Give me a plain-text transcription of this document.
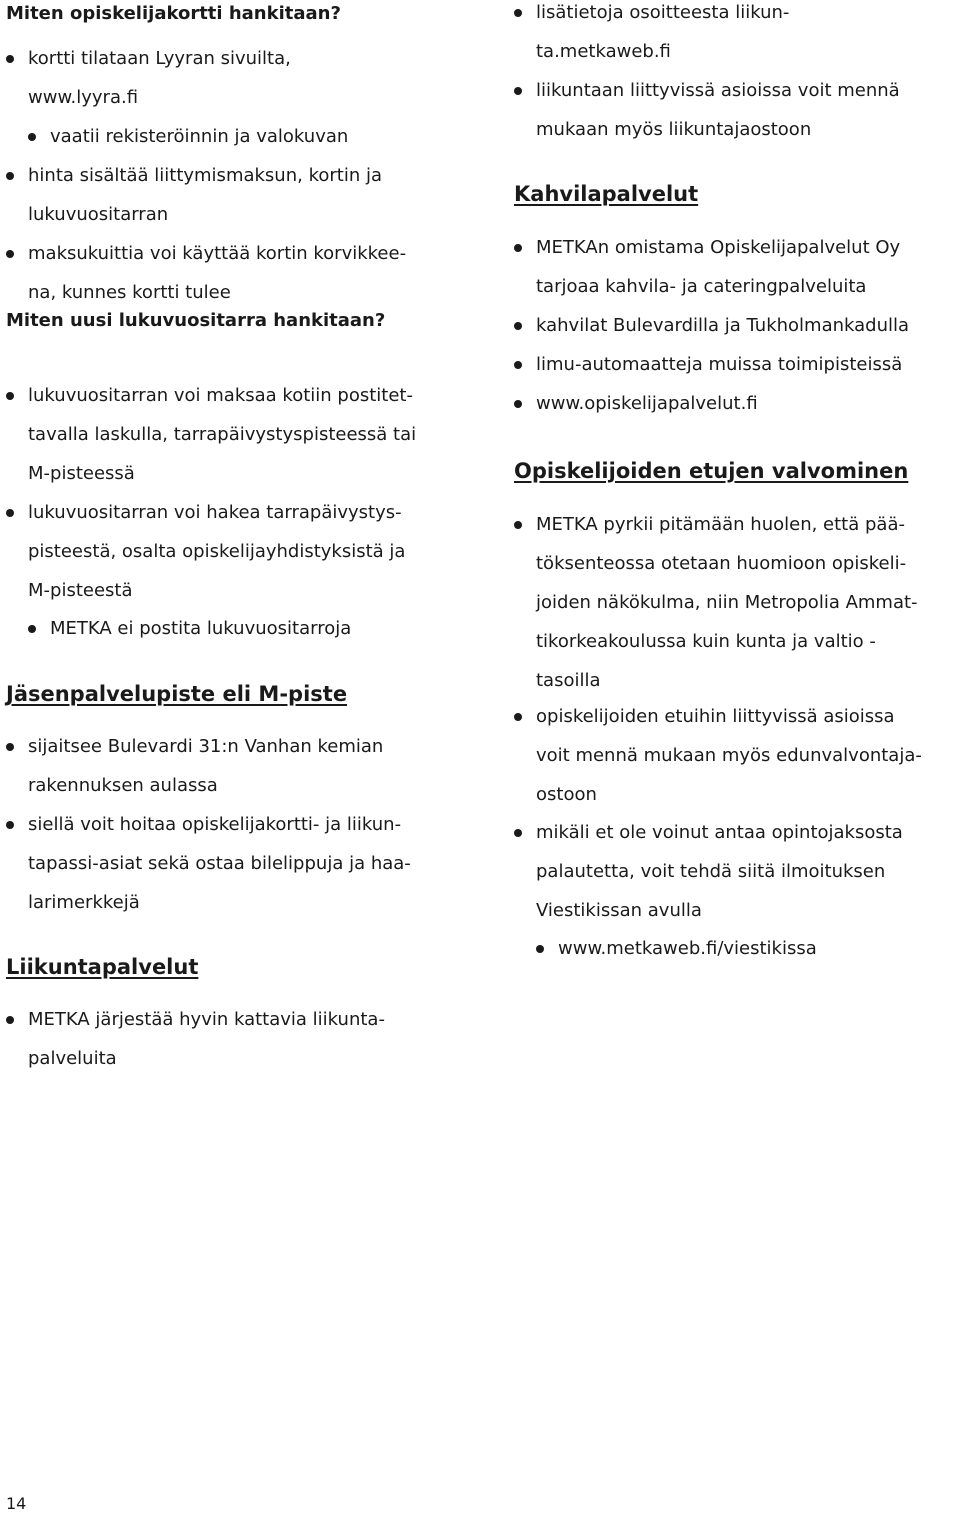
Miten opiskelijakortti hankitaan?
kortti tilataan Lyyran sivuilta,
www.lyyra.fi
vaatii rekisteröinnin ja valokuvan
hinta sisältää liittymismaksun, kortin ja
lukuvuositarran
maksukuittia voi käyttää kortin korvikkee-
na, kunnes kortti tulee
Miten uusi lukuvuositarra hankitaan?
lukuvuositarran voi maksaa kotiin postitet-
tavalla laskulla, tarrapäivystyspisteessä tai
M-pisteessä
lukuvuositarran voi hakea tarrapäivystys-
pisteestä, osalta opiskelijayhdistyksistä ja
M-pisteestä
METKA ei postita lukuvuositarroja
Jäsenpalvelupiste eli M-piste
sijaitsee Bulevardi 31:n Vanhan kemian
rakennuksen aulassa
siellä voit hoitaa opiskelijakortti- ja liikun-
tapassi-asiat sekä ostaa bilelippuja ja haa-
larimerkkejä
Liikuntapalvelut
METKA järjestää hyvin kattavia liikunta-
palveluita
lisätietoja osoitteesta liikun-
ta.metkaweb.fi
liikuntaan liittyvissä asioissa voit mennä
mukaan myös liikuntajaostoon
Kahvilapalvelut
METKAn omistama Opiskelijapalvelut Oy
tarjoaa kahvila- ja cateringpalveluita
kahvilat Bulevardilla ja Tukholmankadulla
limu-automaatteja muissa toimipisteissä
www.opiskelijapalvelut.fi
Opiskelijoiden etujen valvominen
METKA pyrkii pitämään huolen, että pää-
töksenteossa otetaan huomioon opiskeli-
joiden näkökulma, niin Metropolia Ammat-
tikorkeakoulussa kuin kunta ja valtio -
tasoilla
opiskelijoiden etuihin liittyvissä asioissa
voit mennä mukaan myös edunvalvontaja-
ostoon
mikäli et ole voinut antaa opintojaksosta
palautetta, voit tehdä siitä ilmoituksen
Viestikissan avulla
www.metkaweb.fi/viestikissa
14
